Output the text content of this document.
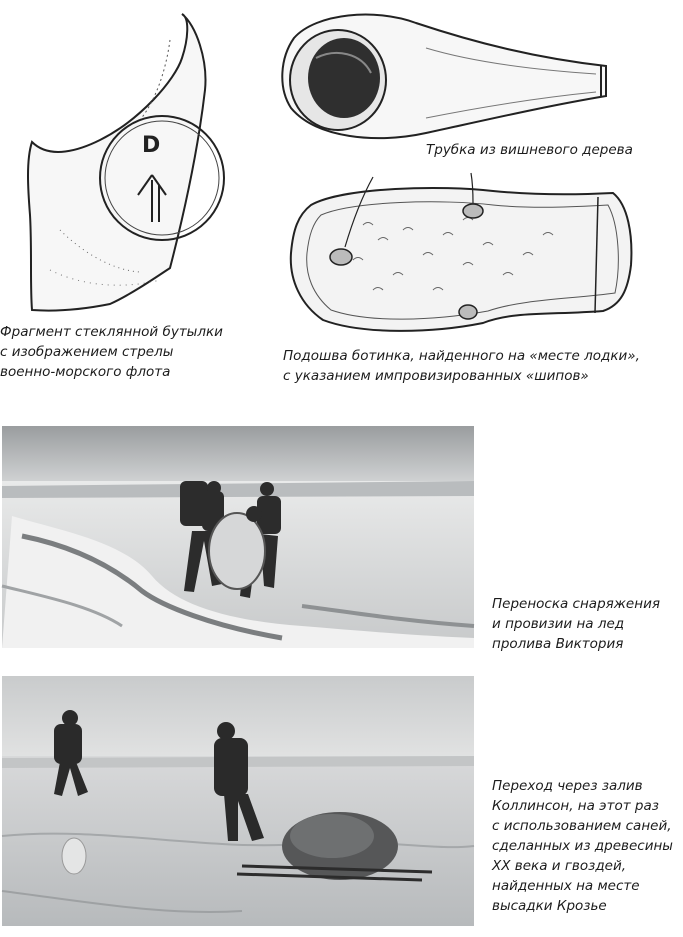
D	Трубка из вишневого дерева
Фрагмент стеклянной бутылки
с изображением стрелы
военно-морского флота
Подошва ботинка, найденного на «месте лодки»,
с указанием импровизированных «шипов»
Переноска снаряжения
и провизии на лед
пролива Виктория
Переход через залив
Коллинсон, на этот раз
с использованием саней,
сделанных из древесины
XX века и гвоздей,
найденных на месте
высадки Крозье
